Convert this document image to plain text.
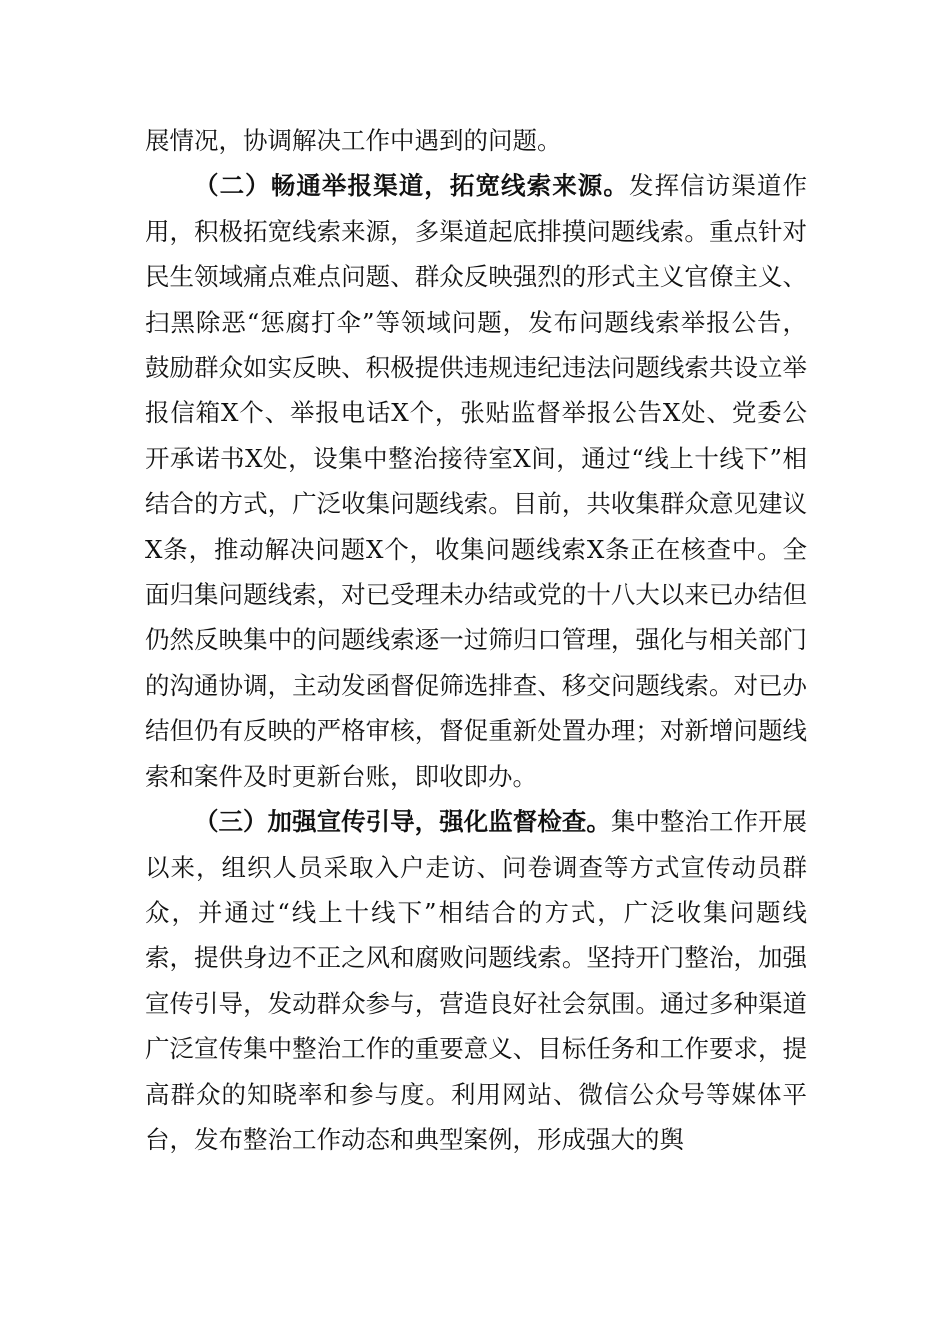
展情况，协调解决工作中遇到的问题。

（二）畅通举报渠道，拓宽线索来源。发挥信访渠道作用，积极拓宽线索来源，多渠道起底排摸问题线索。重点针对民生领域痛点难点问题、群众反映强烈的形式主义官僚主义、扫黑除恶“惩腐打伞”等领域问题，发布问题线索举报公告，鼓励群众如实反映、积极提供违规违纪违法问题线索共设立举报信箱X个、举报电话X个，张贴监督举报公告X处、党委公开承诺书X处，设集中整治接待室X间，通过“线上十线下”相结合的方式，广泛收集问题线索。目前，共收集群众意见建议X条，推动解决问题X个，收集问题线索X条正在核查中。全面归集问题线索，对已受理未办结或党的十八大以来已办结但仍然反映集中的问题线索逐一过筛归口管理，强化与相关部门的沟通协调，主动发函督促筛选排查、移交问题线索。对已办结但仍有反映的严格审核，督促重新处置办理；对新增问题线索和案件及时更新台账，即收即办。

（三）加强宣传引导，强化监督检查。集中整治工作开展以来，组织人员采取入户走访、问卷调查等方式宣传动员群众，并通过“线上十线下”相结合的方式，广泛收集问题线索，提供身边不正之风和腐败问题线索。坚持开门整治，加强宣传引导，发动群众参与，营造良好社会氛围。通过多种渠道广泛宣传集中整治工作的重要意义、目标任务和工作要求，提高群众的知晓率和参与度。利用网站、微信公众号等媒体平台，发布整治工作动态和典型案例，形成强大的舆
